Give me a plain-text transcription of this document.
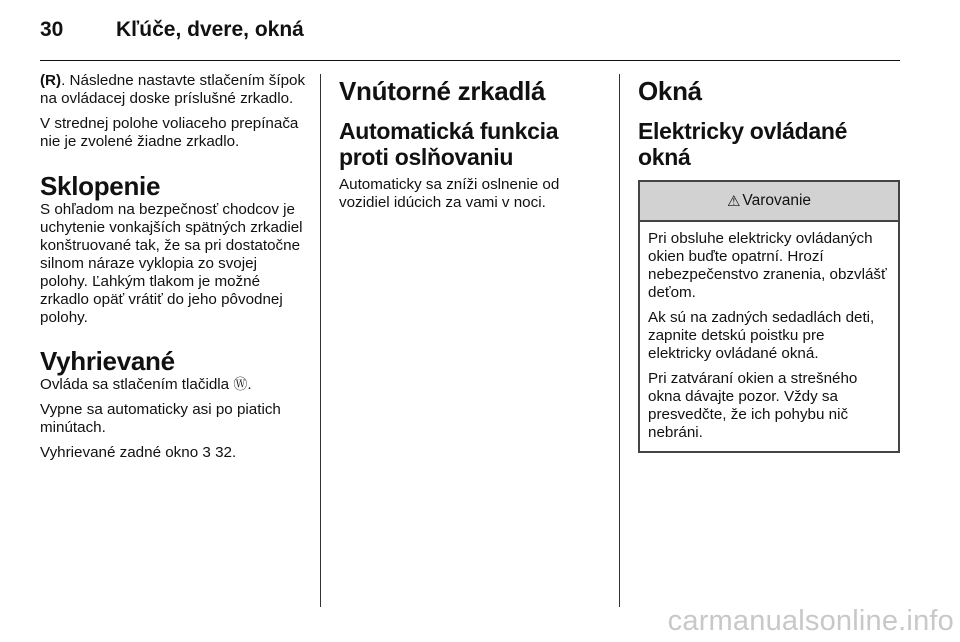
30	Kľúče, dvere, okná

(R). Následne nastavte stlačením šípok na ovládacej doske príslušné zrkadlo.

V strednej polohe voliaceho prepínača nie je zvolené žiadne zrkadlo.

Sklopenie

S ohľadom na bezpečnosť chodcov je uchytenie vonkajších spätných zrkadiel konštruované tak, že sa pri dostatočne silnom náraze vyklopia zo svojej polohy. Ľahkým tlakom je možné zrkadlo opäť vrátiť do jeho pôvodnej polohy.

Vyhrievané

Ovláda sa stlačením tlačidla Ⓦ.

Vypne sa automaticky asi po piatich minútach.

Vyhrievané zadné okno 3 32.

Vnútorné zrkadlá
Automatická funkcia proti oslňovaniu

Automaticky sa zníži oslnenie od vozidiel idúcich za vami v noci.

Okná
Elektricky ovládané okná
⚠ Varovanie

Pri obsluhe elektricky ovládaných okien buďte opatrní. Hrozí nebezpečenstvo zranenia, obzvlášť deťom.

Ak sú na zadných sedadlách deti, zapnite detskú poistku pre elektricky ovládané okná.

Pri zatváraní okien a strešného okna dávajte pozor. Vždy sa presvedčte, že ich pohybu nič nebráni.

carmanualsonline.info
